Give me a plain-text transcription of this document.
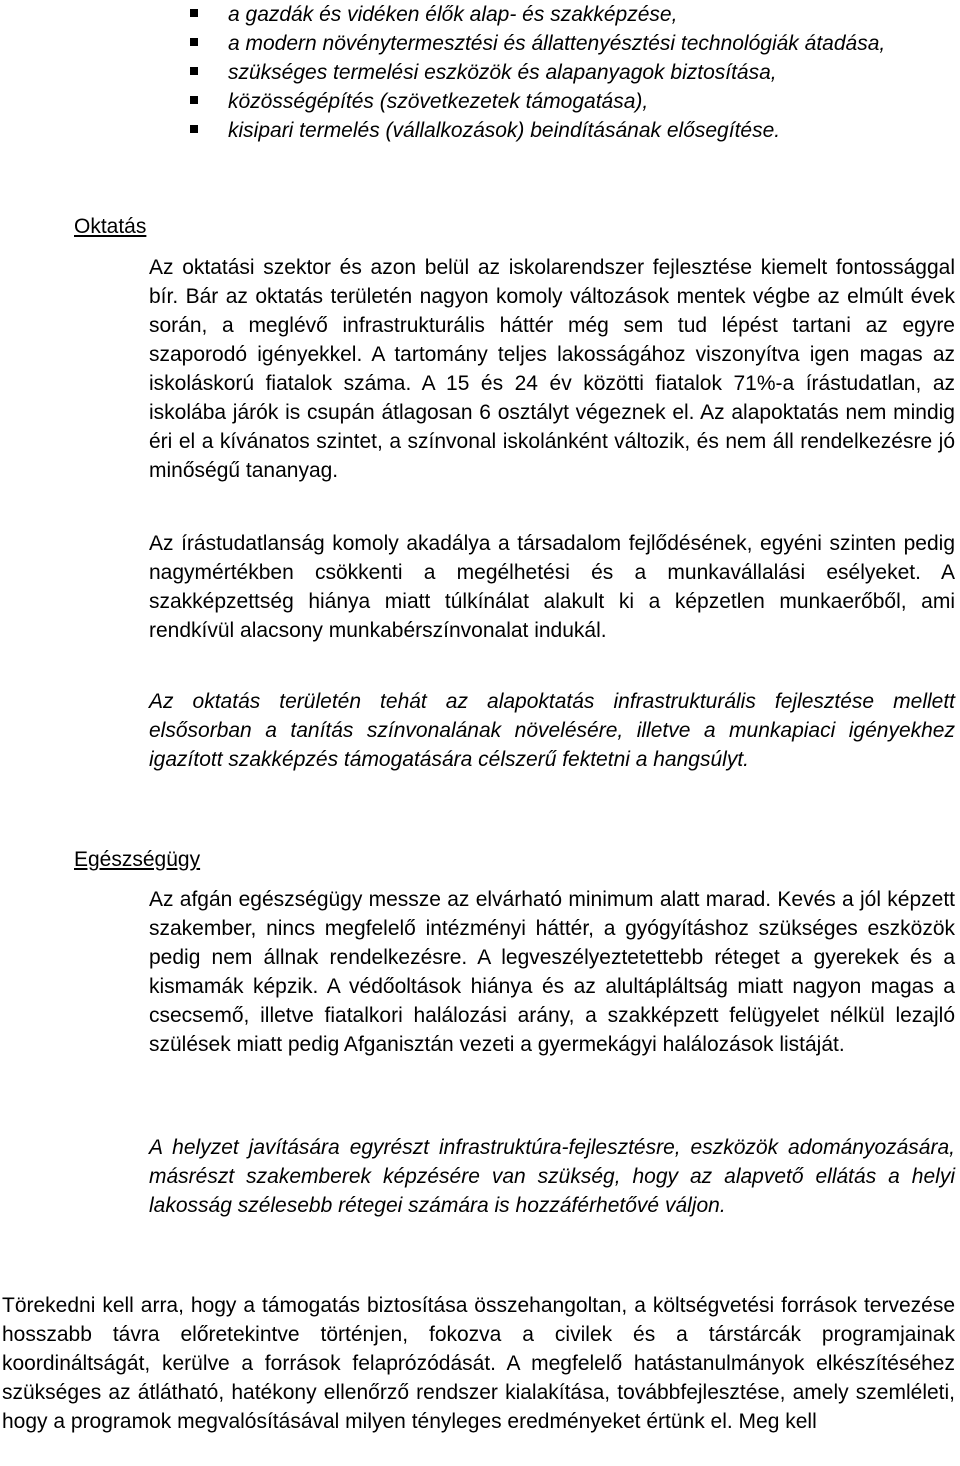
a gazdák és vidéken élők alap- és szakképzése,
a modern növénytermesztési és állattenyésztési technológiák átadása,
szükséges termelési eszközök és alapanyagok biztosítása,
közösségépítés (szövetkezetek támogatása),
kisipari termelés (vállalkozások) beindításának elősegítése.
Oktatás

Az oktatási szektor és azon belül az iskolarendszer fejlesztése kiemelt fontossággal bír. Bár az oktatás területén nagyon komoly változások mentek végbe az elmúlt évek során, a meglévő infrastrukturális háttér még sem tud lépést tartani az egyre szaporodó igényekkel. A tartomány teljes lakosságához viszonyítva igen magas az iskoláskorú fiatalok száma. A 15 és 24 év közötti fiatalok 71%-a írástudatlan, az iskolába járók is csupán átlagosan 6 osztályt végeznek el. Az alapoktatás nem mindig éri el a kívánatos szintet, a színvonal iskolánként változik, és nem áll rendelkezésre jó minőségű tananyag.

Az írástudatlanság komoly akadálya a társadalom fejlődésének, egyéni szinten pedig nagymértékben csökkenti a megélhetési és a munkavállalási esélyeket. A szakképzettség hiánya miatt túlkínálat alakult ki a képzetlen munkaerőből, ami rendkívül alacsony munkabérszínvonalat indukál.

Az oktatás területén tehát az alapoktatás infrastrukturális fejlesztése mellett elsősorban a tanítás színvonalának növelésére, illetve a munkapiaci igényekhez igazított szakképzés támogatására célszerű fektetni a hangsúlyt.

Egészségügy

Az afgán egészségügy messze az elvárható minimum alatt marad. Kevés a jól képzett szakember, nincs megfelelő intézményi háttér, a gyógyításhoz szükséges eszközök pedig nem állnak rendelkezésre. A legveszélyeztetettebb réteget a gyerekek és a kismamák képzik. A védőoltások hiánya és az alultápláltság miatt nagyon magas a csecsemő, illetve fiatalkori halálozási arány, a szakképzett felügyelet nélkül lezajló szülések miatt pedig Afganisztán vezeti a gyermekágyi halálozások listáját.

A helyzet javítására egyrészt infrastruktúra-fejlesztésre, eszközök adományozására, másrészt szakemberek képzésére van szükség, hogy az alapvető ellátás a helyi lakosság szélesebb rétegei számára is hozzáférhetővé váljon.

Törekedni kell arra, hogy a támogatás biztosítása összehangoltan, a költségvetési források tervezése hosszabb távra előretekintve történjen, fokozva a civilek és a társtárcák programjainak koordináltságát, kerülve a források felaprózódását. A megfelelő hatástanulmányok elkészítéséhez szükséges az átlátható, hatékony ellenőrző rendszer kialakítása, továbbfejlesztése, amely szemléleti, hogy a programok megvalósításával milyen tényleges eredményeket értünk el. Meg kell
